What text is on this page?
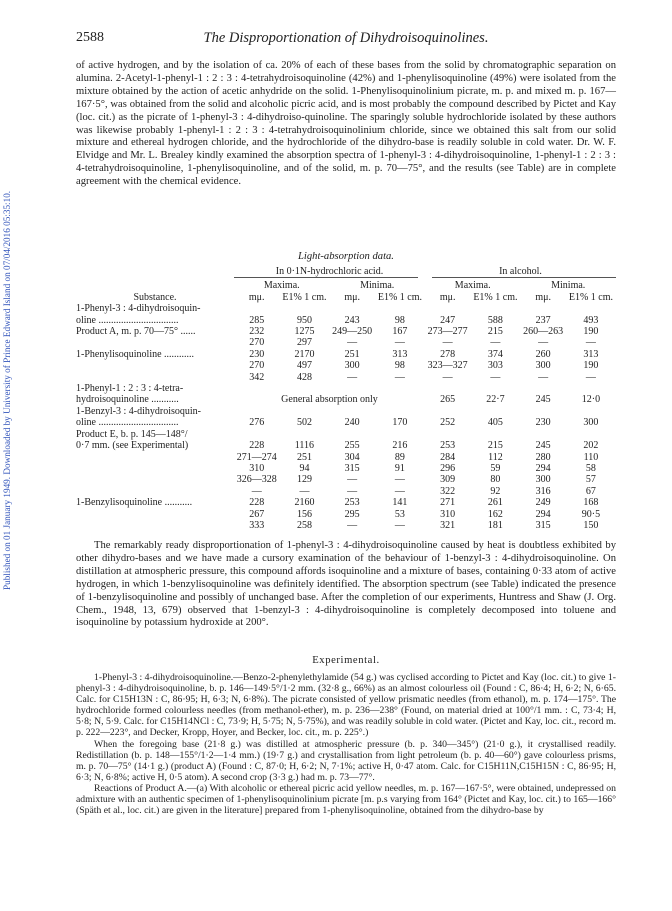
Published on 01 January 1949. Downloaded by University of Prince Edward Island on 07/04/2016 05:35:10.
2588	The Disproportionation of Dihydroisoquinolines.

of active hydrogen, and by the isolation of ca. 20% of each of these bases from the solid by chromatographic separation on alumina. 2-Acetyl-1-phenyl-1 : 2 : 3 : 4-tetrahydroisoquinoline (42%) and 1-phenylisoquinoline (49%) were isolated from the mixture obtained by the action of acetic anhydride on the solid. 1-Phenylisoquinolinium picrate, m. p. and mixed m. p. 167—167·5°, was obtained from the solid and alcoholic picric acid, and is most probably the compound described by Pictet and Kay (loc. cit.) as the picrate of 1-phenyl-3 : 4-dihydroiso-quinoline. The sparingly soluble hydrochloride isolated by these authors was likewise probably 1-phenyl-1 : 2 : 3 : 4-tetrahydroisoquinolinium chloride, since we obtained this salt from our solid mixture and ethereal hydrogen chloride, and the hydrochloride of the dihydro-base is readily soluble in cold water. Dr. W. F. Elvidge and Mr. L. Brealey kindly examined the absorption spectra of 1-phenyl-3 : 4-dihydroisoquinoline, 1-phenyl-1 : 2 : 3 : 4-tetrahydroisoquinoline, 1-phenylisoquinoline, and of the solid, m. p. 70—75°, and the results (see Table) are in complete agreement with the chemical evidence.

Light-absorption data.
	In 0·1N-hydrochloric acid.				In alcohol.			

	Maxima.		Minima.		Maxima.		Minima.	
Substance.	mμ.	E1% 1 cm.	mμ.	E1% 1 cm.	mμ.	E1% 1 cm.	mμ.	E1% 1 cm.
1-Phenyl-3 : 4-dihydroisoquin-								
oline ................................	285	950	243	98	247	588	237	493
Product A, m. p. 70—75° ......	232	1275	249—250	167	273—277	215	260—263	190
	270	297	—	—	—	—	—	—
1-Phenylisoquinoline ............	230	2170	251	313	278	374	260	313
	270	497	300	98	323—327	303	300	190
	342	428	—	—	—	—	—	—
1-Phenyl-1 : 2 : 3 : 4-tetra-								
hydroisoquinoline ...........	General absorption only				265	22·7	245	12·0
1-Benzyl-3 : 4-dihydroisoquin-								
oline ................................	276	502	240	170	252	405	230	300
Product E, b. p. 145—148°/								
0·7 mm. (see Experimental)	228	1116	255	216	253	215	245	202
	271—274	251	304	89	284	112	280	110
	310	94	315	91	296	59	294	58
	326—328	129	—	—	309	80	300	57
	—	—	—	—	322	92	316	67
1-Benzylisoquinoline ...........	228	2160	253	141	271	261	249	168
	267	156	295	53	310	162	294	90·5
	333	258	—	—	321	181	315	150

The remarkably ready disproportionation of 1-phenyl-3 : 4-dihydroisoquinoline caused by heat is doubtless exhibited by other dihydro-bases and we have made a cursory examination of the behaviour of 1-benzyl-3 : 4-dihydroisoquinoline. On distillation at atmospheric pressure, this compound affords isoquinoline and a mixture of bases, containing 0·33 atom of active hydrogen, in which 1-benzylisoquinoline was definitely identified. The absorption spectrum (see Table) indicated the presence of 1-benzylisoquinoline and possibly of unchanged base. After the completion of our experiments, Huntress and Shaw (J. Org. Chem., 1948, 13, 679) observed that 1-benzyl-3 : 4-dihydroisoquinoline is completely decomposed into toluene and isoquinoline by potassium hydroxide at 200°.

Experimental.

1-Phenyl-3 : 4-dihydroisoquinoline.—Benzo-2-phenylethylamide (54 g.) was cyclised according to Pictet and Kay (loc. cit.) to give 1-phenyl-3 : 4-dihydroisoquinoline, b. p. 146—149·5°/1·2 mm. (32·8 g., 66%) as an almost colourless oil (Found : C, 86·4; H, 6·2; N, 6·65. Calc. for C15H13N : C, 86·95; H, 6·3; N, 6·8%). The picrate consisted of yellow prismatic needles (from ethanol), m. p. 174—175°. The hydrochloride formed colourless needles (from methanol-ether), m. p. 236—238° (Found, on material dried at 100°/1 mm. : C, 73·4; H, 5·8; N, 5·9. Calc. for C15H14NCl : C, 73·9; H, 5·75; N, 5·75%), and was readily soluble in cold water. (Pictet and Kay, loc. cit., record m. p. 222—223°, and Decker, Kropp, Hoyer, and Becker, loc. cit., m. p. 225°.)

When the foregoing base (21·8 g.) was distilled at atmospheric pressure (b. p. 340—345°) (21·0 g.), it crystallised readily. Redistillation (b. p. 148—155°/1·2—1·4 mm.) (19·7 g.) and crystallisation from light petroleum (b. p. 40—60°) gave colourless prisms, m. p. 70—75° (14·1 g.) (product A) (Found : C, 87·0; H, 6·2; N, 7·1%; active H, 0·47 atom. Calc. for C15H11N,C15H15N : C, 86·95; H, 6·3; N, 6·8%; active H, 0·5 atom). A second crop (3·3 g.) had m. p. 73—77°.

Reactions of Product A.—(a) With alcoholic or ethereal picric acid yellow needles, m. p. 167—167·5°, were obtained, undepressed on admixture with an authentic specimen of 1-phenylisoquinolinium picrate [m. p.s varying from 164° (Pictet and Kay, loc. cit.) to 165—166° (Späth et al., loc. cit.) are given in the literature] prepared from 1-phenylisoquinoline, obtained from the dihydro-base by
